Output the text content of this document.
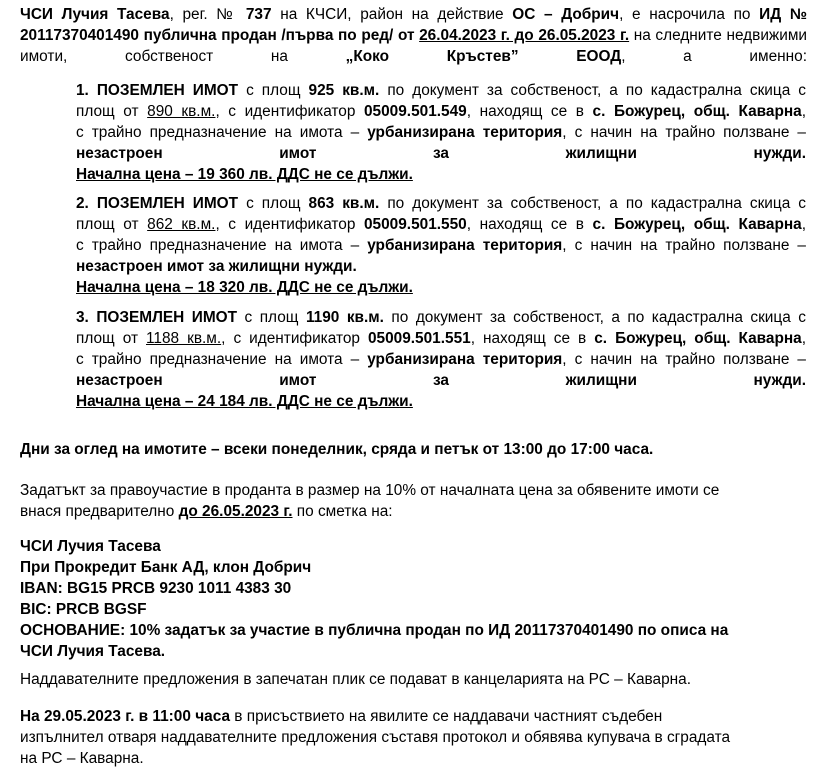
ЧСИ Лучия Тасева, рег. № 737 на КЧСИ, район на действие ОС – Добрич, е насрочила по ИД № 20117370401490 публична продан /първа по ред/ от 26.04.2023 г. до 26.05.2023 г. на следните недвижими имоти, собственост на „Коко Кръстев” ЕООД, а именно:

1. ПОЗЕМЛЕН ИМОТ с площ 925 кв.м. по документ за собственост, а по кадастрална скица с
площ от 890 кв.м., с идентификатор 05009.501.549, находящ се в с. Божурец, общ. Каварна,
с трайно предназначение на имота – урбанизирана територия, с начин на трайно ползване –
незастроен	имот	за	жилищни	нужди.
Начална цена – 19 360 лв. ДДС не се дължи.
2. ПОЗЕМЛЕН ИМОТ с площ 863 кв.м. по документ за собственост, а по кадастрална скица с
площ от 862 кв.м., с идентификатор 05009.501.550, находящ се в с. Божурец, общ. Каварна,
с трайно предназначение на имота – урбанизирана територия, с начин на трайно ползване –
незастроен имот за жилищни нужди.
Начална цена – 18 320 лв. ДДС не се дължи.
3. ПОЗЕМЛЕН ИМОТ с площ 1190 кв.м. по документ за собственост, а по кадастрална скица с
площ от 1188 кв.м., с идентификатор 05009.501.551, находящ се в с. Божурец, общ. Каварна,
с трайно предназначение на имота – урбанизирана територия, с начин на трайно ползване –
незастроен	имот	за	жилищни	нужди.
Начална цена – 24 184 лв. ДДС не се дължи.

Дни за оглед на имотите – всеки понеделник, сряда и петък от 13:00 до 17:00 часа.

Задатъкт за правоучастие в проданта в размер на 10% от началната цена за обявените имоти се
внася предварително до 26.05.2023 г. по сметка на:

ЧСИ Лучия Тасева
При Прокредит Банк АД, клон Добрич
IBAN: BG15 PRCB 9230 1011 4383 30
BIC: PRCB BGSF
ОСНОВАНИЕ: 10% задатък за участие в публична продан по ИД 20117370401490 по описа на
ЧСИ Лучия Тасева.

Наддавателните предложения в запечатан плик се подават в канцеларията на РС – Каварна.

На 29.05.2023 г. в 11:00 часа в присъствието на явилите се наддавачи частният съдебен
изпълнител отваря наддавателните предложения съставя протокол и обявява купувача в сградата
на РС – Каварна.
